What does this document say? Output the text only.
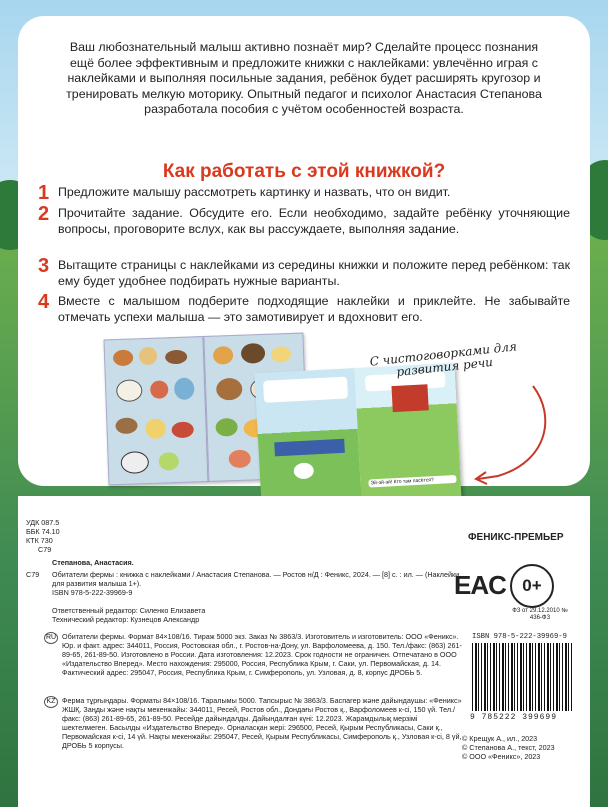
Ваш любознательный малыш активно познаёт мир? Сделайте процесс познания ещё более эффективным и предложите книжки с наклейками: увлечённо играя с наклейками и выполняя посильные задания, ребёнок будет расширять кругозор и тренировать мелкую моторику. Опытный педагог и психолог Анастасия Степанова разработала пособия с учётом особенностей возраста.
Как работать с этой книжкой?
1 Предложите малышу рассмотреть картинку и назвать, что он видит.
2 Прочитайте задание. Обсудите его. Если необходимо, задайте ребёнку уточняющие вопросы, проговорите вслух, как вы рассуждаете, выполняя задание.
3 Вытащите страницы с наклейками из середины книжки и положите перед ребёнком: так ему будет удобнее подбирать нужные варианты.
4 Вместе с малышом подберите подходящие наклейки и приклейте. Не забывайте отмечать успехи малыша — это замотивирует и вдохновит его.
Эй-эй-эй! Кто там пасётся?
С чистоговорками для развития речи
УДК 087.5
ББК 74.10
КТК 730
С79
Степанова, Анастасия.
С79 Обитатели фермы : книжка с наклейками / Анастасия Степанова. — Ростов н/Д : Феникс, 2024. — [8] с. : ил. — (Наклейки для развития малыша 1+).
ISBN 978-5-222-39969-9
Ответственный редактор: Силенко Елизавета
Технический редактор: Кузнецов Александр
RU Обитатели фермы. Формат 84×108/16. Тираж 5000 экз. Заказ № 3863/3. Изготовитель и изготовитель: ООО «Феникс». Юр. и факт. адрес: 344011, Россия, Ростовская обл., г. Ростов-на-Дону, ул. Варфоломеева, д. 150. Тел./факс: (863) 261-89-65, 261-89-50. Изготовлено в России. Дата изготовления: 12.2023. Срок годности не ограничен. Отпечатано в ООО «Издательство Вперед». Место нахождения: 295000, Россия, Республика Крым, г. Саки, ул. Первомайская, д. 14. Фактический адрес: 295047, Россия, Республика Крым, г. Симферополь, ул. Узловая, д. 8, корпус ДРОБЬ 5.
KZ Ферма тұрғындары. Форматы 84×108/16. Таралымы 5000. Тапсырыс № 3863/3. Баспагер және дайындаушы: «Феникс» ЖШҚ. Заңды және нақты мекенжайы: 344011, Ресей, Ростов обл., Дондағы Ростов қ., Варфоломеев к-сі, 150 үй. Тел./факс: (863) 261-89-65, 261-89-50. Ресейде дайындалды. Дайындалған күні: 12.2023. Жарамдылық мерзімі шектелмеген. Басылды «Издательство Вперед». Орналасқан жері: 296500, Ресей, Қырым Республикасы, Саки қ., Первомайская к-сі, 14 үй. Нақты мекенжайы: 295047, Ресей, Қырым Республикасы, Симферополь қ., Узловая к-сі, 8 үй, ДРОБЬ 5 корпусы.
© Крещук А., ил., 2023
© Степанова А., текст, 2023
© ООО «Феникс», 2023
ФЕНИКС-ПРЕМЬЕР
EAC 0+
ФЗ от 29.12.2010 № 436-ФЗ
ISBN 978-5-222-39969-9
9 785222 399699
